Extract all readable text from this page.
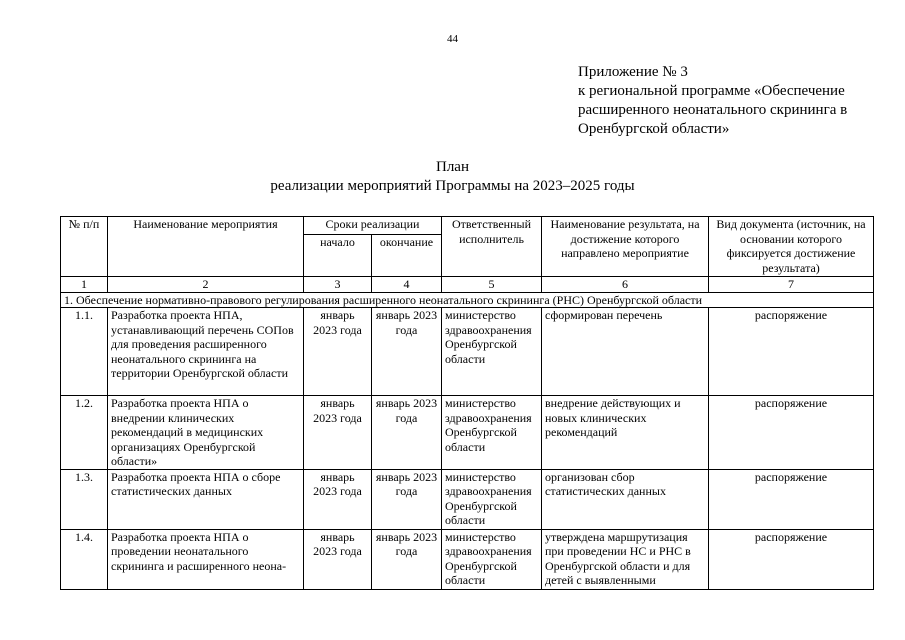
44
Приложение № 3
к региональной программе «Обеспечение
расширенного неонатального скрининга в
Оренбургской области»
План
реализации мероприятий Программы на 2023–2025 годы
№ п/п	Наименование мероприятия	Сроки реализации		Ответственный исполнитель	Наименование результата, на достижение которого направлено мероприятие	Вид документа (источник, на основании которого фиксируется достижение результата)
		начало	окончание			
1	2	3	4	5	6	7
1. Обеспечение нормативно-правового регулирования расширенного неонатального скрининга (РНС) Оренбургской области						
1.1.	Разработка проекта НПА, устанавливающий перечень СОПов для проведения расширенного неонатального скрининга на территории Оренбургской области	январь 2023 года	январь 2023 года	министерство здравоохранения Оренбургской области	сформирован перечень	распоряжение
1.2.	Разработка проекта НПА о внедрении клинических рекомендаций в медицинских организациях Оренбургской области»	январь 2023 года	январь 2023 года	министерство здравоохранения Оренбургской области	внедрение действующих и новых клинических рекомендаций	распоряжение
1.3.	Разработка проекта НПА о сборе статистических данных	январь 2023 года	январь 2023 года	министерство здравоохранения Оренбургской области	организован сбор статистических данных	распоряжение
1.4.	Разработка проекта НПА о проведении неонатального скрининга и расширенного неона-	январь 2023 года	январь 2023 года	министерство здравоохранения Оренбургской области	утверждена маршрутизация при проведении НС и РНС в Оренбургской области и для детей с выявленными	распоряжение
